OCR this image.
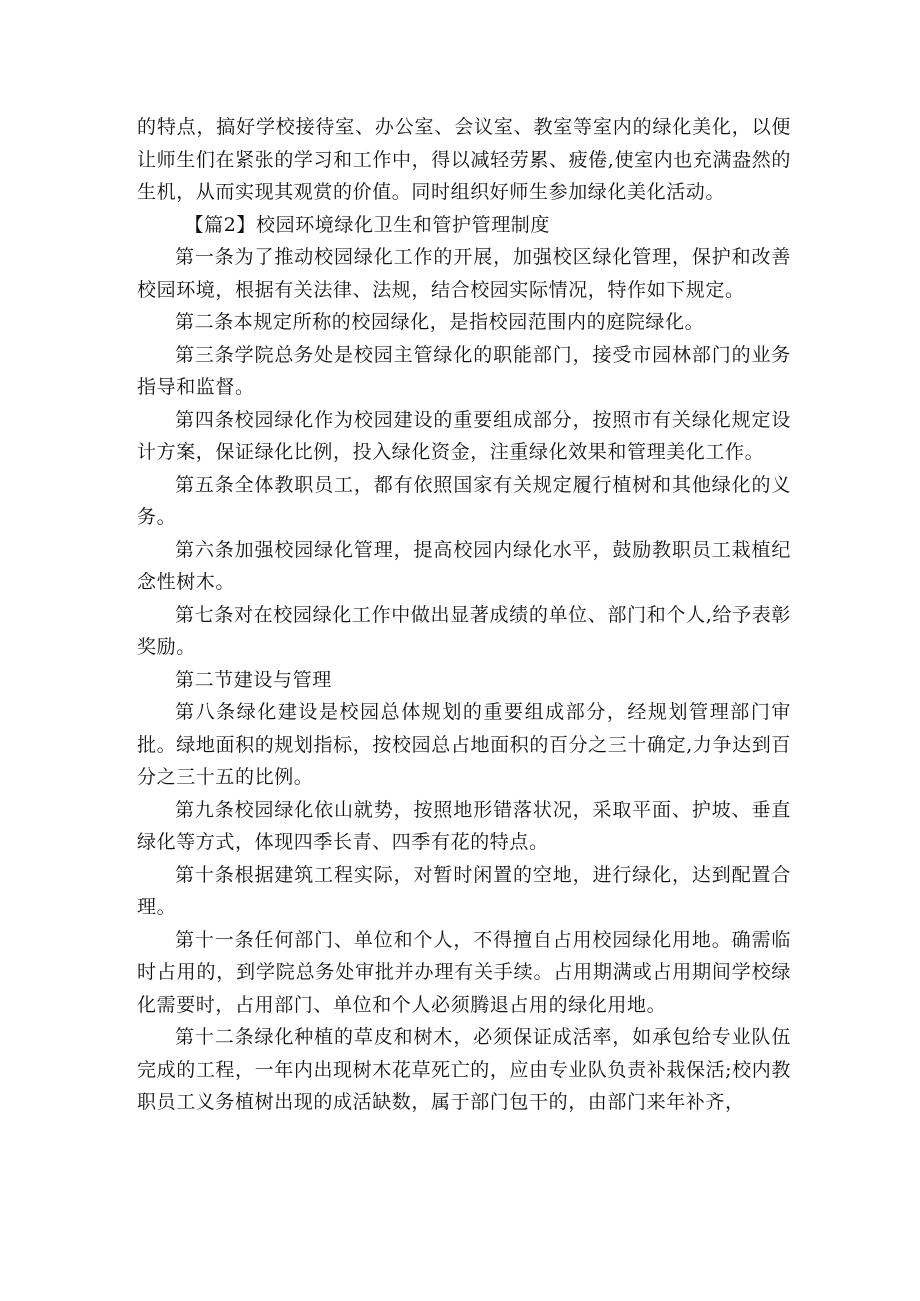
的特点，搞好学校接待室、办公室、会议室、教室等室内的绿化美化，以便让师生们在紧张的学习和工作中，得以减轻劳累、疲倦,使室内也充满盎然的生机，从而实现其观赏的价值。同时组织好师生参加绿化美化活动。

【篇2】校园环境绿化卫生和管护管理制度

第一条为了推动校园绿化工作的开展，加强校区绿化管理，保护和改善校园环境，根据有关法律、法规，结合校园实际情况，特作如下规定。

第二条本规定所称的校园绿化，是指校园范围内的庭院绿化。

第三条学院总务处是校园主管绿化的职能部门，接受市园林部门的业务指导和监督。

第四条校园绿化作为校园建设的重要组成部分，按照市有关绿化规定设计方案，保证绿化比例，投入绿化资金，注重绿化效果和管理美化工作。

第五条全体教职员工，都有依照国家有关规定履行植树和其他绿化的义务。

第六条加强校园绿化管理，提高校园内绿化水平，鼓励教职员工栽植纪念性树木。

第七条对在校园绿化工作中做出显著成绩的单位、部门和个人,给予表彰奖励。

第二节建设与管理

第八条绿化建设是校园总体规划的重要组成部分，经规划管理部门审批。绿地面积的规划指标，按校园总占地面积的百分之三十确定,力争达到百分之三十五的比例。

第九条校园绿化依山就势，按照地形错落状况，采取平面、护坡、垂直绿化等方式，体现四季长青、四季有花的特点。

第十条根据建筑工程实际，对暂时闲置的空地，进行绿化，达到配置合理。

第十一条任何部门、单位和个人，不得擅自占用校园绿化用地。确需临时占用的，到学院总务处审批并办理有关手续。占用期满或占用期间学校绿化需要时，占用部门、单位和个人必须腾退占用的绿化用地。

第十二条绿化种植的草皮和树木，必须保证成活率，如承包给专业队伍完成的工程，一年内出现树木花草死亡的，应由专业队负责补栽保活;校内教职员工义务植树出现的成活缺数，属于部门包干的，由部门来年补齐，
